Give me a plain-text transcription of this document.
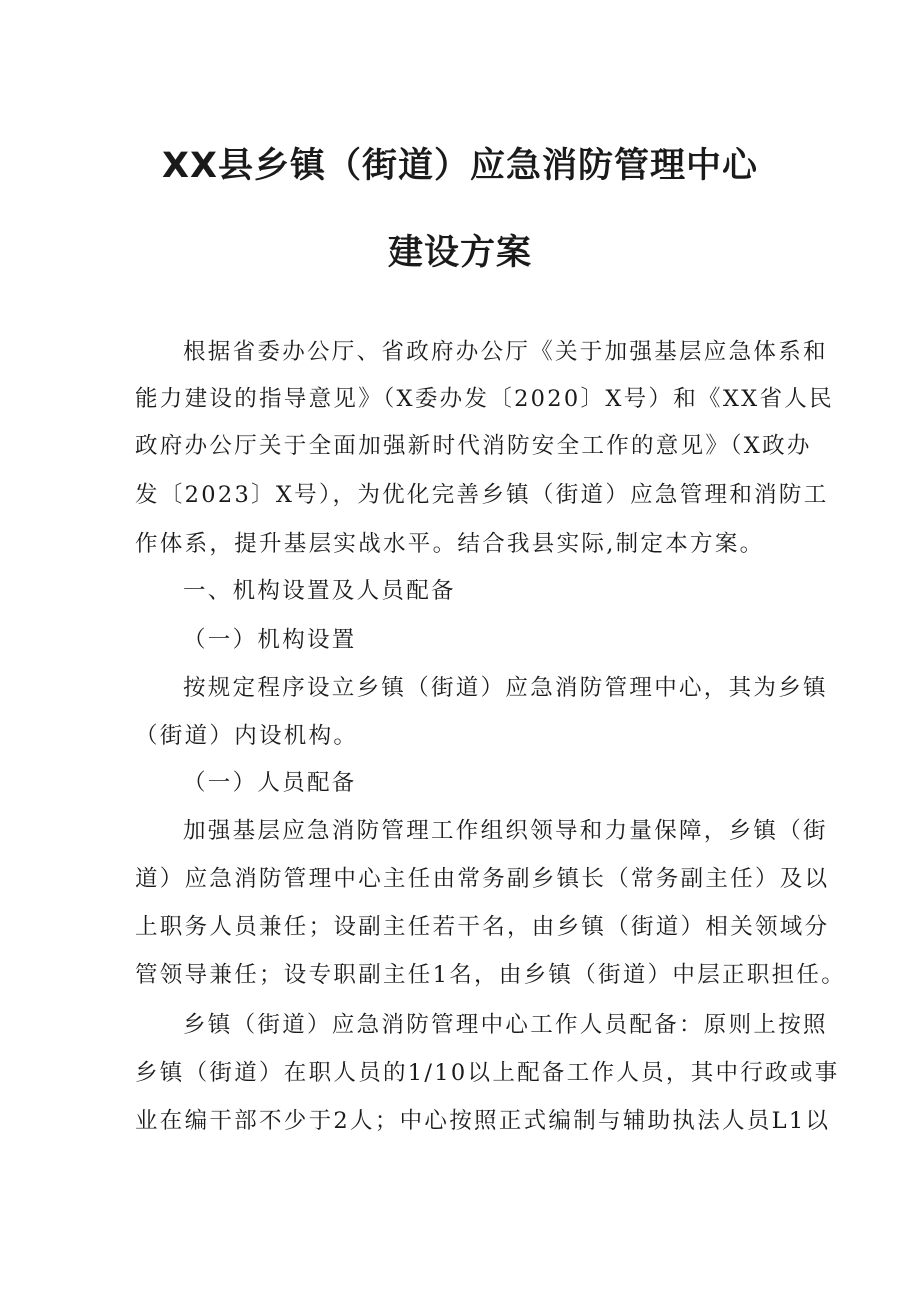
XX县乡镇（街道）应急消防管理中心
建设方案
根据省委办公厅、省政府办公厅《关于加强基层应急体系和
能力建设的指导意见》（X委办发〔2020〕X号）和《XX省人民
政府办公厅关于全面加强新时代消防安全工作的意见》（X政办
发〔2023〕X号），为优化完善乡镇（街道）应急管理和消防工
作体系，提升基层实战水平。结合我县实际,制定本方案。
一、机构设置及人员配备
（一）机构设置
按规定程序设立乡镇（街道）应急消防管理中心，其为乡镇
（街道）内设机构。
（一）人员配备
加强基层应急消防管理工作组织领导和力量保障，乡镇（街
道）应急消防管理中心主任由常务副乡镇长（常务副主任）及以
上职务人员兼任；设副主任若干名，由乡镇（街道）相关领域分
管领导兼任；设专职副主任1名，由乡镇（街道）中层正职担任。
乡镇（街道）应急消防管理中心工作人员配备：原则上按照
乡镇（街道）在职人员的1/10以上配备工作人员，其中行政或事
业在编干部不少于2人；中心按照正式编制与辅助执法人员L1以
